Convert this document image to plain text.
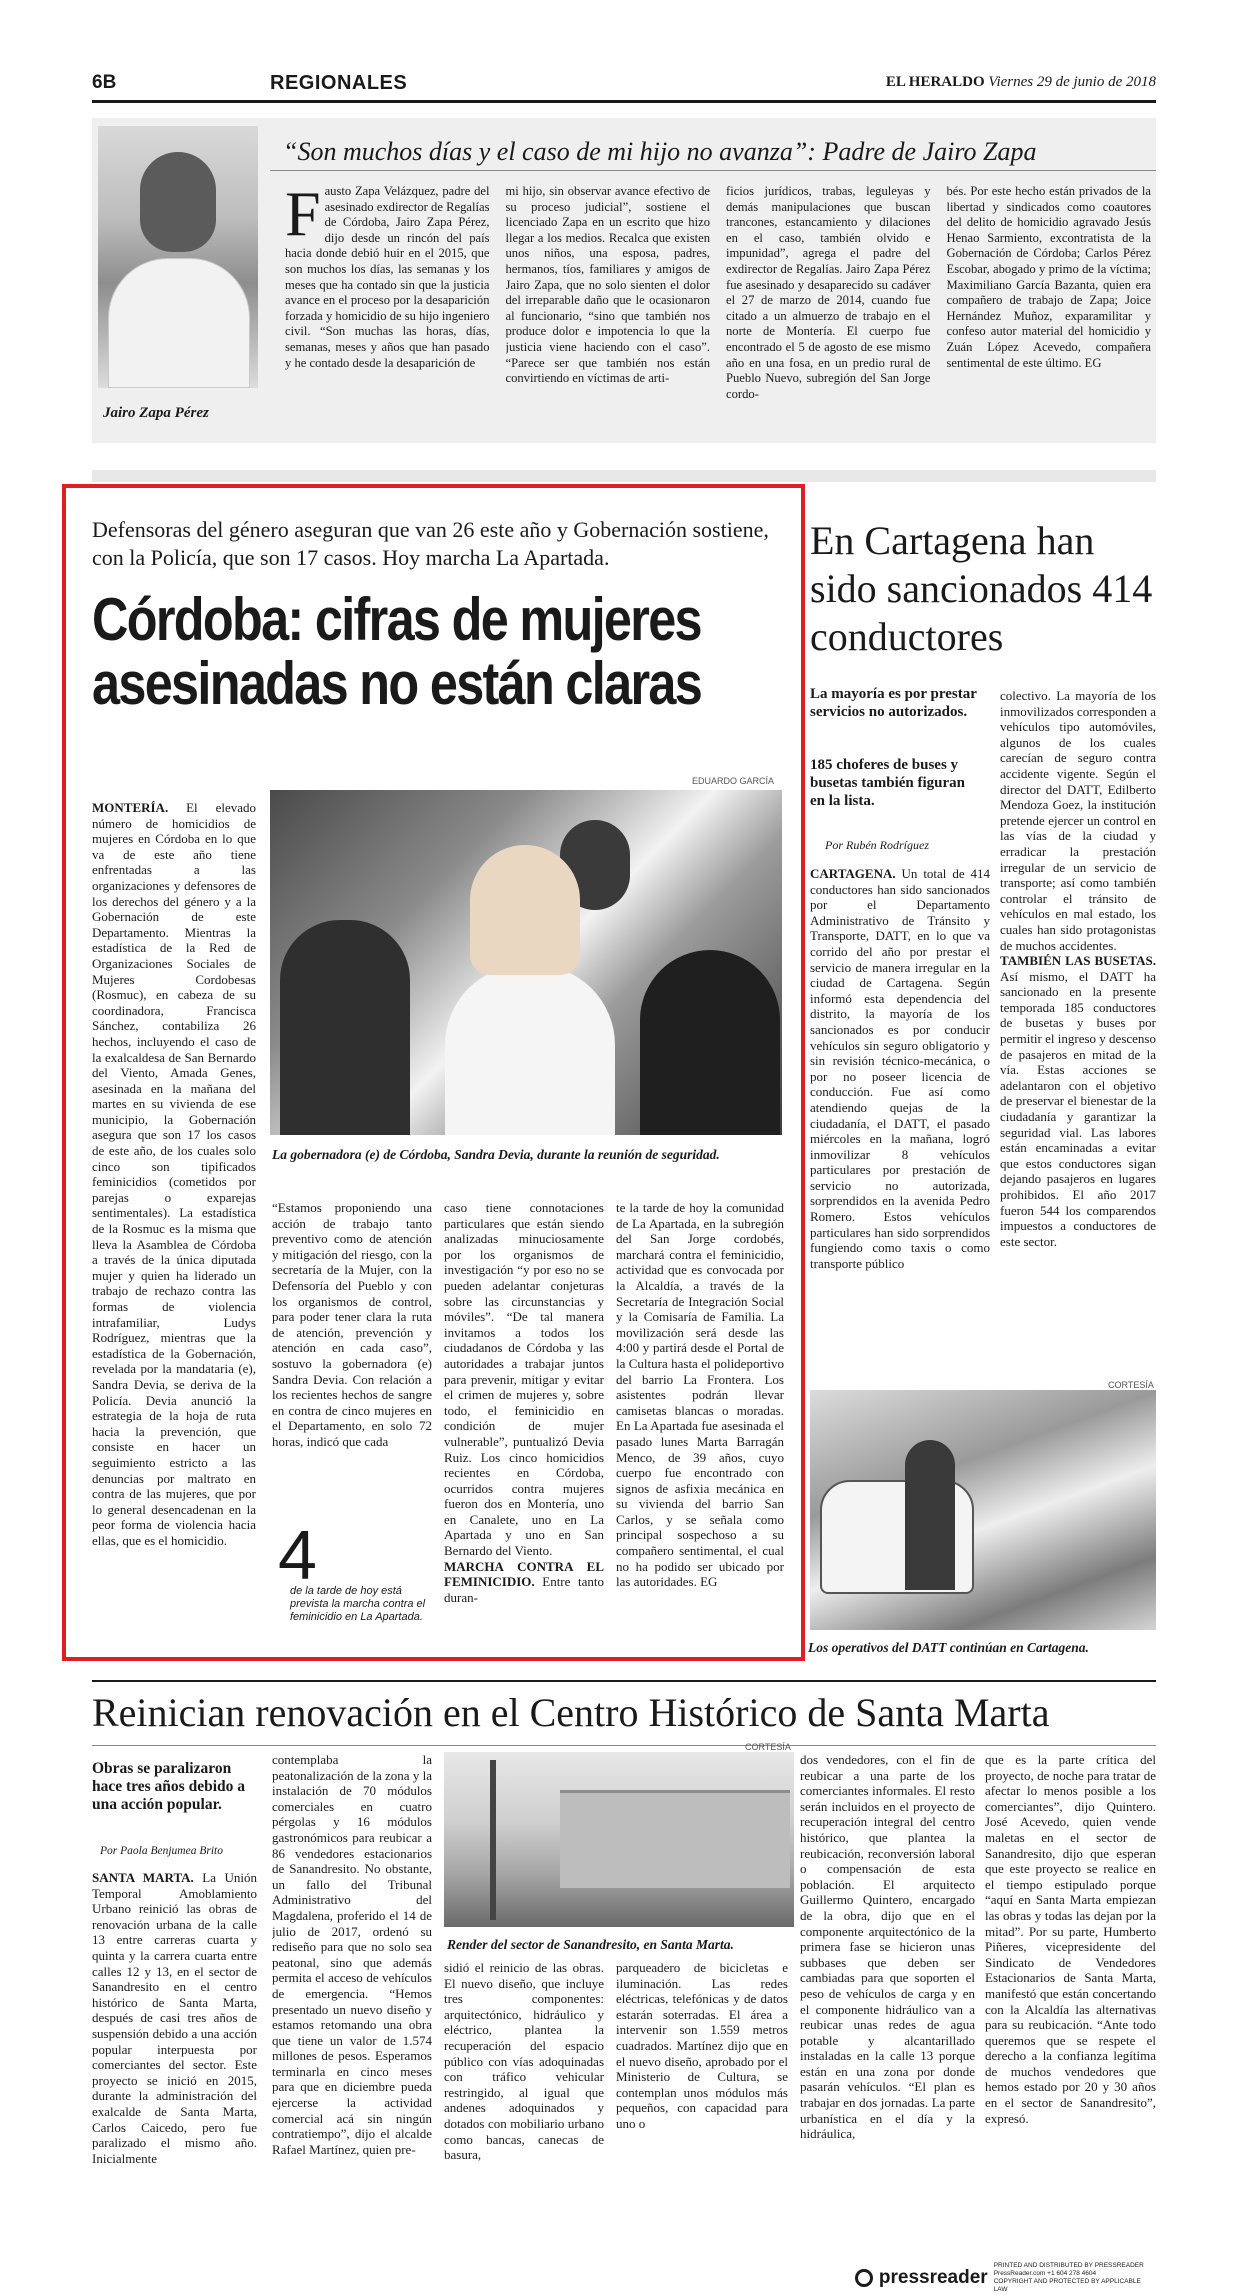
6B	REGIONALES	EL HERALDO Viernes 29 de junio de 2018
Jairo Zapa Pérez
“Son muchos días y el caso de mi hijo no avanza”: Padre de Jairo Zapa
Fausto Zapa Velázquez, padre del asesinado exdirector de Regalías de Córdoba, Jairo Zapa Pérez, dijo desde un rincón del país hacia donde debió huir en el 2015, que son muchos los días, las semanas y los meses que ha contado sin que la justicia avance en el proceso por la desaparición forzada y homicidio de su hijo ingeniero civil. “Son muchas las horas, días, semanas, meses y años que han pasado y he contado desde la desaparición de
mi hijo, sin observar avance efectivo de su proceso judicial”, sostiene el licenciado Zapa en un escrito que hizo llegar a los medios. Recalca que existen unos niños, una esposa, padres, hermanos, tíos, familiares y amigos de Jairo Zapa, que no solo sienten el dolor del irreparable daño que le ocasionaron al funcionario, “sino que también nos produce dolor e impotencia lo que la justicia viene haciendo con el caso”. “Parece ser que también nos están convirtiendo en víctimas de arti-
ficios jurídicos, trabas, leguleyas y demás manipulaciones que buscan trancones, estancamiento y dilaciones en el caso, también olvido e impunidad”, agrega el padre del exdirector de Regalías. Jairo Zapa Pérez fue asesinado y desaparecido su cadáver el 27 de marzo de 2014, cuando fue citado a un almuerzo de trabajo en el norte de Montería. El cuerpo fue encontrado el 5 de agosto de ese mismo año en una fosa, en un predio rural de Pueblo Nuevo, subregión del San Jorge cordo-
bés. Por este hecho están privados de la libertad y sindicados como coautores del delito de homicidio agravado Jesús Henao Sarmiento, excontratista de la Gobernación de Córdoba; Carlos Pérez Escobar, abogado y primo de la víctima; Maximiliano García Bazanta, quien era compañero de trabajo de Zapa; Joice Hernández Muñoz, exparamilitar y confeso autor material del homicidio y Zuán López Acevedo, compañera sentimental de este último. EG
Defensoras del género aseguran que van 26 este año y Gobernación sostiene, con la Policía, que son 17 casos. Hoy marcha La Apartada.
Córdoba: cifras de mujeres
asesinadas no están claras
EDUARDO GARCÍA
La gobernadora (e) de Córdoba, Sandra Devia, durante la reunión de seguridad.
MONTERÍA. El elevado número de homicidios de mujeres en Córdoba en lo que va de este año tiene enfrentadas a las organizaciones y defensores de los derechos del género y a la Gobernación de este Departamento. Mientras la estadística de la Red de Organizaciones Sociales de Mujeres Cordobesas (Rosmuc), en cabeza de su coordinadora, Francisca Sánchez, contabiliza 26 hechos, incluyendo el caso de la exalcaldesa de San Bernardo del Viento, Amada Genes, asesinada en la mañana del martes en su vivienda de ese municipio, la Gobernación asegura que son 17 los casos de este año, de los cuales solo cinco son tipificados feminicidios (cometidos por parejas o exparejas sentimentales). La estadística de la Rosmuc es la misma que lleva la Asamblea de Córdoba a través de la única diputada mujer y quien ha liderado un trabajo de rechazo contra las formas de violencia intrafamiliar, Ludys Rodríguez, mientras que la estadística de la Gobernación, revelada por la mandataria (e), Sandra Devia, se deriva de la Policía. Devia anunció la estrategia de la hoja de ruta hacia la prevención, que consiste en hacer un seguimiento estricto a las denuncias por maltrato en contra de las mujeres, que por lo general desencadenan en la peor forma de violencia hacia ellas, que es el homicidio.
“Estamos proponiendo una acción de trabajo tanto preventivo como de atención y mitigación del riesgo, con la secretaría de la Mujer, con la Defensoría del Pueblo y con los organismos de control, para poder tener clara la ruta de atención, prevención y atención en cada caso”, sostuvo la gobernadora (e) Sandra Devia. Con relación a los recientes hechos de sangre en contra de cinco mujeres en el Departamento, en solo 72 horas, indicó que cada
4
de la tarde de hoy está prevista la marcha contra el feminicidio en La Apartada.
caso tiene connotaciones particulares que están siendo analizadas minuciosamente por los organismos de investigación “y por eso no se pueden adelantar conjeturas sobre las circunstancias y móviles”. “De tal manera invitamos a todos los ciudadanos de Córdoba y las autoridades a trabajar juntos para prevenir, mitigar y evitar el crimen de mujeres y, sobre todo, el feminicidio en condición de mujer vulnerable”, puntualizó Devia Ruiz. Los cinco homicidios recientes en Córdoba, ocurridos contra mujeres fueron dos en Montería, uno en Canalete, uno en La Apartada y uno en San Bernardo del Viento.
MARCHA CONTRA EL FEMINICIDIO. Entre tanto duran-
te la tarde de hoy la comunidad de La Apartada, en la subregión del San Jorge cordobés, marchará contra el feminicidio, actividad que es convocada por la Alcaldía, a través de la Secretaría de Integración Social y la Comisaría de Familia. La movilización será desde las 4:00 y partirá desde el Portal de la Cultura hasta el polideportivo del barrio La Frontera. Los asistentes podrán llevar camisetas blancas o moradas. En La Apartada fue asesinada el pasado lunes Marta Barragán Menco, de 39 años, cuyo cuerpo fue encontrado con signos de asfixia mecánica en su vivienda del barrio San Carlos, y se señala como principal sospechoso a su compañero sentimental, el cual no ha podido ser ubicado por las autoridades. EG
En Cartagena han sido sancionados 414 conductores
La mayoría es por prestar servicios no autorizados.
185 choferes de buses y busetas también figuran en la lista.
Por Rubén Rodríguez
CARTAGENA. Un total de 414 conductores han sido sancionados por el Departamento Administrativo de Tránsito y Transporte, DATT, en lo que va corrido del año por prestar el servicio de manera irregular en la ciudad de Cartagena. Según informó esta dependencia del distrito, la mayoría de los sancionados es por conducir vehículos sin seguro obligatorio y sin revisión técnico-mecánica, o por no poseer licencia de conducción. Fue así como atendiendo quejas de la ciudadanía, el DATT, el pasado miércoles en la mañana, logró inmovilizar 8 vehículos particulares por prestación de servicio no autorizada, sorprendidos en la avenida Pedro Romero. Estos vehículos particulares han sido sorprendidos fungiendo como taxis o como transporte público
colectivo. La mayoría de los inmovilizados corresponden a vehículos tipo automóviles, algunos de los cuales carecían de seguro contra accidente vigente. Según el director del DATT, Edilberto Mendoza Goez, la institución pretende ejercer un control en las vías de la ciudad y erradicar la prestación irregular de un servicio de transporte; así como también controlar el tránsito de vehículos en mal estado, los cuales han sido protagonistas de muchos accidentes.
TAMBIÉN LAS BUSETAS. Así mismo, el DATT ha sancionado en la presente temporada 185 conductores de busetas y buses por permitir el ingreso y descenso de pasajeros en mitad de la vía. Estas acciones se adelantaron con el objetivo de preservar el bienestar de la ciudadanía y garantizar la seguridad vial. Las labores están encaminadas a evitar que estos conductores sigan dejando pasajeros en lugares prohibidos. El año 2017 fueron 544 los comparendos impuestos a conductores de este sector.
CORTESÍA
Los operativos del DATT continúan en Cartagena.
Reinician renovación en el Centro Histórico de Santa Marta
Obras se paralizaron hace tres años debido a una acción popular.
Por Paola Benjumea Brito
SANTA MARTA. La Unión Temporal Amoblamiento Urbano reinició las obras de renovación urbana de la calle 13 entre carreras cuarta y quinta y la carrera cuarta entre calles 12 y 13, en el sector de Sanandresito en el centro histórico de Santa Marta, después de casi tres años de suspensión debido a una acción popular interpuesta por comerciantes del sector. Este proyecto se inició en 2015, durante la administración del exalcalde de Santa Marta, Carlos Caicedo, pero fue paralizado el mismo año. Inicialmente
contemplaba la peatonalización de la zona y la instalación de 70 módulos comerciales en cuatro pérgolas y 16 módulos gastronómicos para reubicar a 86 vendedores estacionarios de Sanandresito. No obstante, un fallo del Tribunal Administrativo del Magdalena, proferido el 14 de julio de 2017, ordenó su rediseño para que no solo sea peatonal, sino que además permita el acceso de vehículos de emergencia. “Hemos presentado un nuevo diseño y estamos retomando una obra que tiene un valor de 1.574 millones de pesos. Esperamos terminarla en cinco meses para que en diciembre pueda ejercerse la actividad comercial acá sin ningún contratiempo”, dijo el alcalde Rafael Martínez, quien pre-
CORTESÍA
Render del sector de Sanandresito, en Santa Marta.
sidió el reinicio de las obras. El nuevo diseño, que incluye tres componentes: arquitectónico, hidráulico y eléctrico, plantea la recuperación del espacio público con vías adoquinadas con tráfico vehicular restringido, al igual que andenes adoquinados y dotados con mobiliario urbano como bancas, canecas de basura,
parqueadero de bicicletas e iluminación. Las redes eléctricas, telefónicas y de datos estarán soterradas. El área a intervenir son 1.559 metros cuadrados. Martínez dijo que en el nuevo diseño, aprobado por el Ministerio de Cultura, se contemplan unos módulos más pequeños, con capacidad para uno o
dos vendedores, con el fin de reubicar a una parte de los comerciantes informales. El resto serán incluidos en el proyecto de recuperación integral del centro histórico, que plantea la reubicación, reconversión laboral o compensación de esta población. El arquitecto Guillermo Quintero, encargado de la obra, dijo que en el componente arquitectónico de la primera fase se hicieron unas subbases que deben ser cambiadas para que soporten el peso de vehículos de carga y en el componente hidráulico van a reubicar unas redes de agua potable y alcantarillado instaladas en la calle 13 porque están en una zona por donde pasarán vehículos. “El plan es trabajar en dos jornadas. La parte urbanística en el día y la hidráulica,
que es la parte crítica del proyecto, de noche para tratar de afectar lo menos posible a los comerciantes”, dijo Quintero. José Acevedo, quien vende maletas en el sector de Sanandresito, dijo que esperan que este proyecto se realice en el tiempo estipulado porque “aquí en Santa Marta empiezan las obras y todas las dejan por la mitad”. Por su parte, Humberto Piñeres, vicepresidente del Sindicato de Vendedores Estacionarios de Santa Marta, manifestó que están concertando con la Alcaldía las alternativas para su reubicación. “Ante todo queremos que se respete el derecho a la confianza legítima de muchos vendedores que hemos estado por 20 y 30 años en el sector de Sanandresito”, expresó.
pressreader
PRINTED AND DISTRIBUTED BY PRESSREADER
PressReader.com +1 604 278 4604
COPYRIGHT AND PROTECTED BY APPLICABLE LAW
